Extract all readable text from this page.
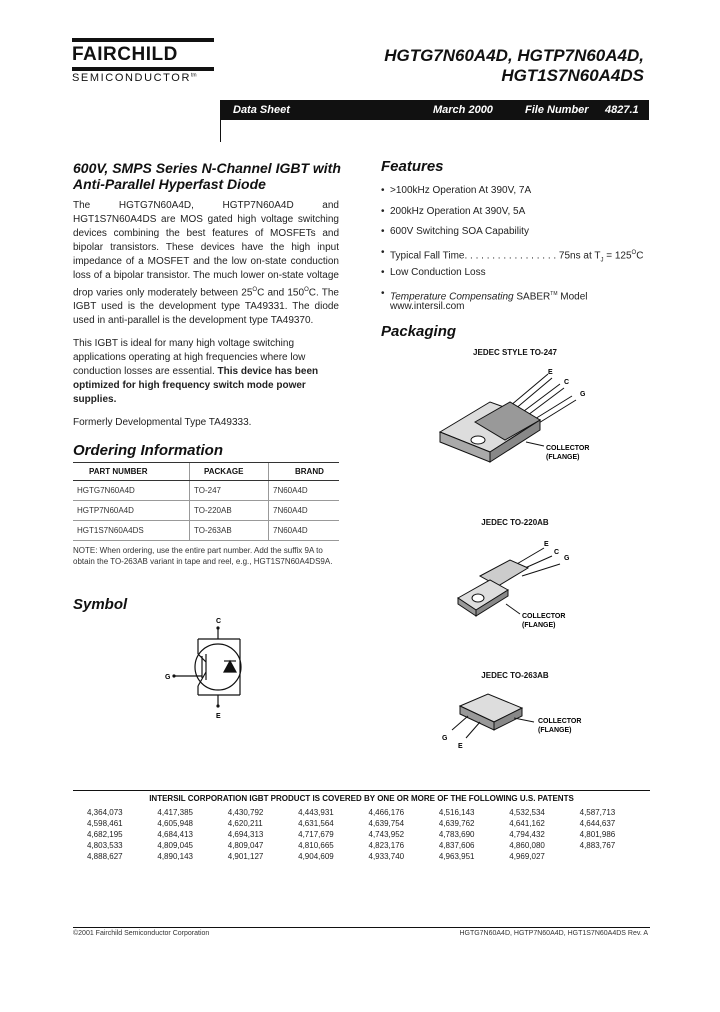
FAIRCHILD
$SEMICONDUCTOR^{tm}$
HGTG7N60A4D, HGTP7N60A4D,
HGT1S7N60A4DS
Data Sheet	March 2000	File Number 4827.1
600V, SMPS Series N-Channel IGBT with
Anti-Parallel Hyperfast Diode

The HGTG7N60A4D, HGTP7N60A4D and HGT1S7N60A4DS are MOS gated high voltage switching devices combining the best features of MOSFETs and bipolar transistors. These devices have the high input impedance of a MOSFET and the low on-state conduction loss of a bipolar transistor. The much lower on-state voltage drop varies only moderately between $25^OC$ and $150^OC$. The IGBT used is the development type TA49331. The diode used in anti-parallel is the development type TA49370.

This IGBT is ideal for many high voltage switching applications operating at high frequencies where low conduction losses are essential. This device has been optimized for high frequency switch mode power supplies.

Formerly Developmental Type TA49333.

Ordering Information
PART NUMBER	PACKAGE	BRAND
HGTG7N60A4D	TO-247	7N60A4D
HGTP7N60A4D	TO-220AB	7N60A4D
HGT1S7N60A4DS	TO-263AB	7N60A4D
NOTE: When ordering, use the entire part number. Add the suffix 9A to obtain the TO-263AB variant in tape and reel, e.g., HGT1S7N60A4DS9A.
Symbol
C
G
E
Features
• >100kHz Operation At 390V, 7A
• 200kHz Operation At 390V, 5A
• 600V Switching SOA Capability
• Typical Fall Time. . . . . . . . . . . . . . . . . 75ns at $T_J = 125^OC$
• Low Conduction Loss
• Temperature Compensating SABER™ Model
www.intersil.com
Packaging
JEDEC STYLE TO-247
E
C
G
COLLECTOR
(FLANGE)
JEDEC TO-220AB
E
C
G
COLLECTOR
(FLANGE)
JEDEC TO-263AB
G
E
COLLECTOR
(FLANGE)
INTERSIL CORPORATION IGBT PRODUCT IS COVERED BY ONE OR MORE OF THE FOLLOWING U.S. PATENTS
4,364,073	4,417,385	4,430,792	4,443,931	4,466,176	4,516,143	4,532,534	4,587,713
4,598,461	4,605,948	4,620,211	4,631,564	4,639,754	4,639,762	4,641,162	4,644,637
4,682,195	4,684,413	4,694,313	4,717,679	4,743,952	4,783,690	4,794,432	4,801,986
4,803,533	4,809,045	4,809,047	4,810,665	4,823,176	4,837,606	4,860,080	4,883,767
4,888,627	4,890,143	4,901,127	4,904,609	4,933,740	4,963,951	4,969,027
©2001 Fairchild Semiconductor Corporation	HGTG7N60A4D, HGTP7N60A4D, HGT1S7N60A4DS Rev. A
